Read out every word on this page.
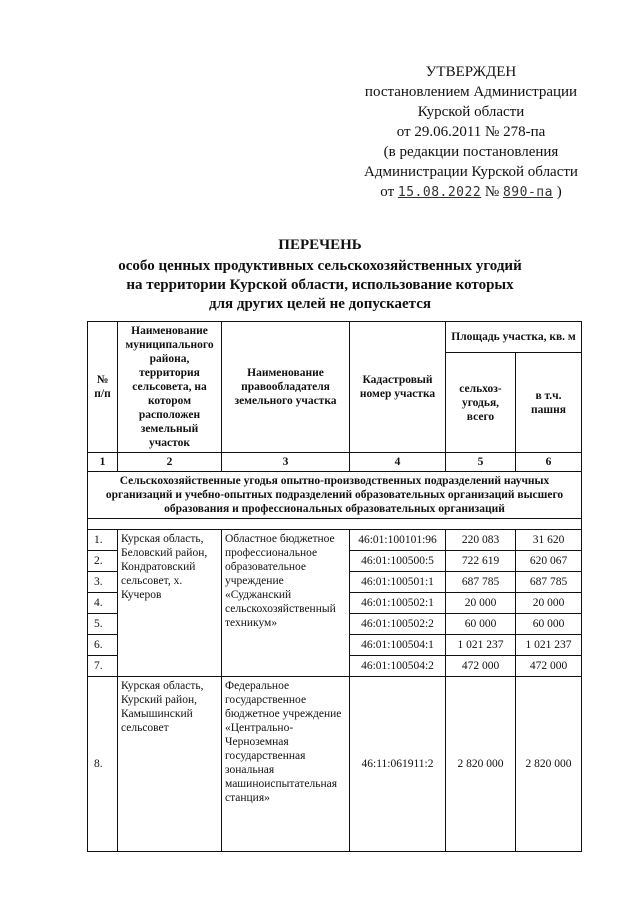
УТВЕРЖДЕН
постановлением Администрации
Курской области
от 29.06.2011 № 278-па
(в редакции постановления
Администрации Курской области
от 15.08.2022 № 890-па )
ПЕРЕЧЕНЬ
особо ценных продуктивных сельскохозяйственных угодий
на территории Курской области, использование которых
для других целей не допускается
№ п/п	Наименование муниципального района, территория сельсовета, на котором расположен земельный участок	Наименование правообладателя земельного участка	Кадастровый номер участка	Площадь участка, кв. м	
				сельхоз-угодья, всего	в т.ч. пашня
1	2	3	4	5	6
Сельскохозяйственные угодья опытно-производственных подразделений научных организаций и учебно-опытных подразделений образовательных организаций высшего образования и профессиональных образовательных организаций					

1.	Курская область, Беловский район, Кондратовский сельсовет, х. Кучеров	Областное бюджетное профессиональное образовательное учреждение «Суджанский сельскохозяйственный техникум»	46:01:100101:96	220 083	31 620
2.			46:01:100500:5	722 619	620 067
3.			46:01:100501:1	687 785	687 785
4.			46:01:100502:1	20 000	20 000
5.			46:01:100502:2	60 000	60 000
6.			46:01:100504:1	1 021 237	1 021 237
7.			46:01:100504:2	472 000	472 000
8.	Курская область, Курский район, Камышинский сельсовет	Федеральное государственное бюджетное учреждение «Центрально-Черноземная государственная зональная машиноиспытательная станция»	46:11:061911:2	2 820 000	2 820 000
